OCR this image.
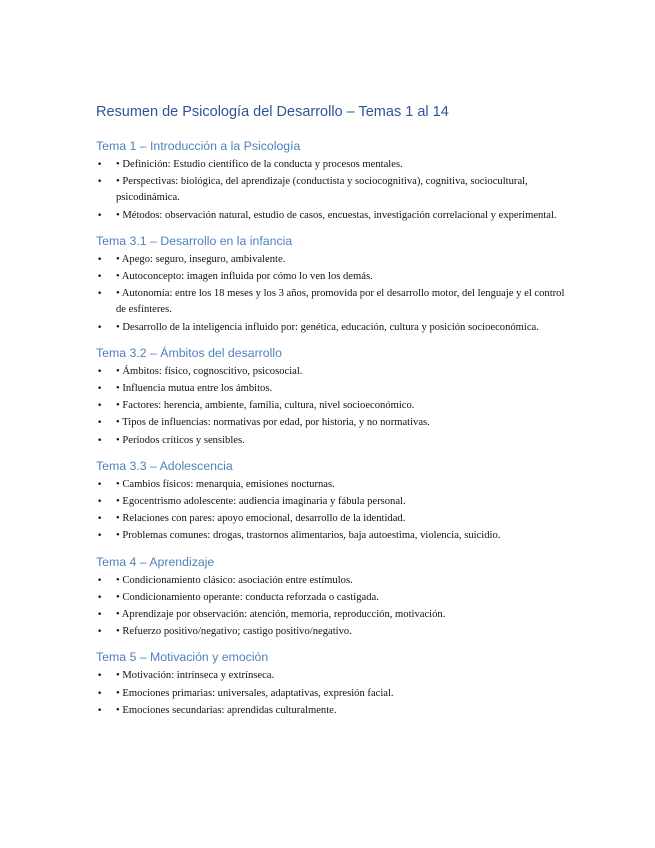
Resumen de Psicología del Desarrollo – Temas 1 al 14
Tema 1 – Introducción a la Psicología
• • Definición: Estudio científico de la conducta y procesos mentales.
• • Perspectivas: biológica, del aprendizaje (conductista y sociocognitiva), cognitiva, sociocultural, psicodinámica.
• • Métodos: observación natural, estudio de casos, encuestas, investigación correlacional y experimental.
Tema 3.1 – Desarrollo en la infancia
• • Apego: seguro, inseguro, ambivalente.
• • Autoconcepto: imagen influida por cómo lo ven los demás.
• • Autonomía: entre los 18 meses y los 3 años, promovida por el desarrollo motor, del lenguaje y el control de esfínteres.
• • Desarrollo de la inteligencia influido por: genética, educación, cultura y posición socioeconómica.
Tema 3.2 – Ámbitos del desarrollo
• • Ámbitos: físico, cognoscitivo, psicosocial.
• • Influencia mutua entre los ámbitos.
• • Factores: herencia, ambiente, familia, cultura, nivel socioeconómico.
• • Tipos de influencias: normativas por edad, por historia, y no normativas.
• • Periodos críticos y sensibles.
Tema 3.3 – Adolescencia
• • Cambios físicos: menarquia, emisiones nocturnas.
• • Egocentrismo adolescente: audiencia imaginaria y fábula personal.
• • Relaciones con pares: apoyo emocional, desarrollo de la identidad.
• • Problemas comunes: drogas, trastornos alimentarios, baja autoestima, violencia, suicidio.
Tema 4 – Aprendizaje
• • Condicionamiento clásico: asociación entre estímulos.
• • Condicionamiento operante: conducta reforzada o castigada.
• • Aprendizaje por observación: atención, memoria, reproducción, motivación.
• • Refuerzo positivo/negativo; castigo positivo/negativo.
Tema 5 – Motivación y emoción
• • Motivación: intrínseca y extrínseca.
• • Emociones primarias: universales, adaptativas, expresión facial.
• • Emociones secundarias: aprendidas culturalmente.
